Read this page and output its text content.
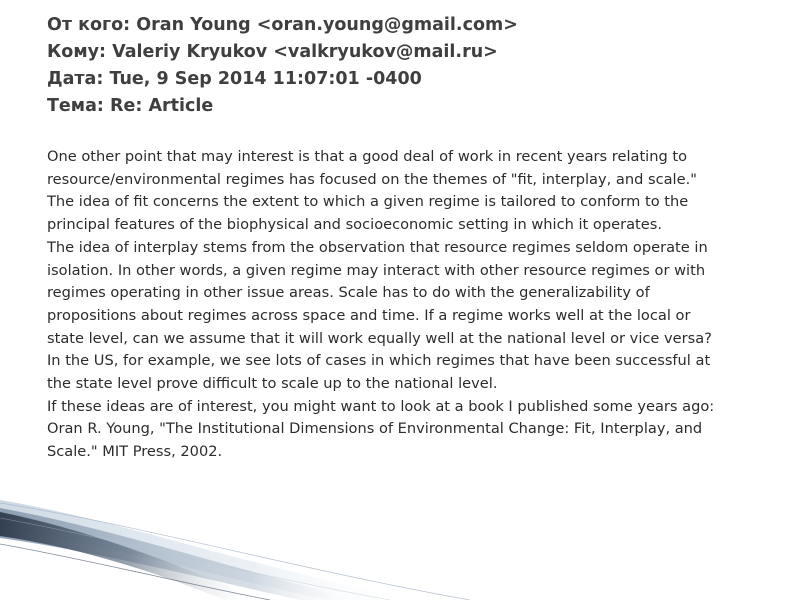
От кого: Oran Young <oran.young@gmail.com>
Кому: Valeriy Kryukov <valkryukov@mail.ru>
Дата: Tue, 9 Sep 2014 11:07:01 -0400
Тема: Re: Article
One other point that may interest is that a good deal of work in recent years relating to
resource/environmental regimes has focused on the themes of "fit, interplay, and scale."
The idea of fit concerns the extent to which a given regime is tailored to conform to the
principal features of the biophysical and socioeconomic setting in which it operates.
The idea of interplay stems from the observation that resource regimes seldom operate in
isolation. In other words, a given regime may interact with other resource regimes or with
regimes operating in other issue areas. Scale has to do with the generalizability of
propositions about regimes across space and time. If a regime works well at the local or
state level, can we assume that it will work equally well at the national level or vice versa?
In the US, for example, we see lots of cases in which regimes that have been successful at
the state level prove difficult to scale up to the national level.
If these ideas are of interest, you might want to look at a book I published some years ago:
Oran R. Young, "The Institutional Dimensions of Environmental Change: Fit, Interplay, and
Scale." MIT Press, 2002.
